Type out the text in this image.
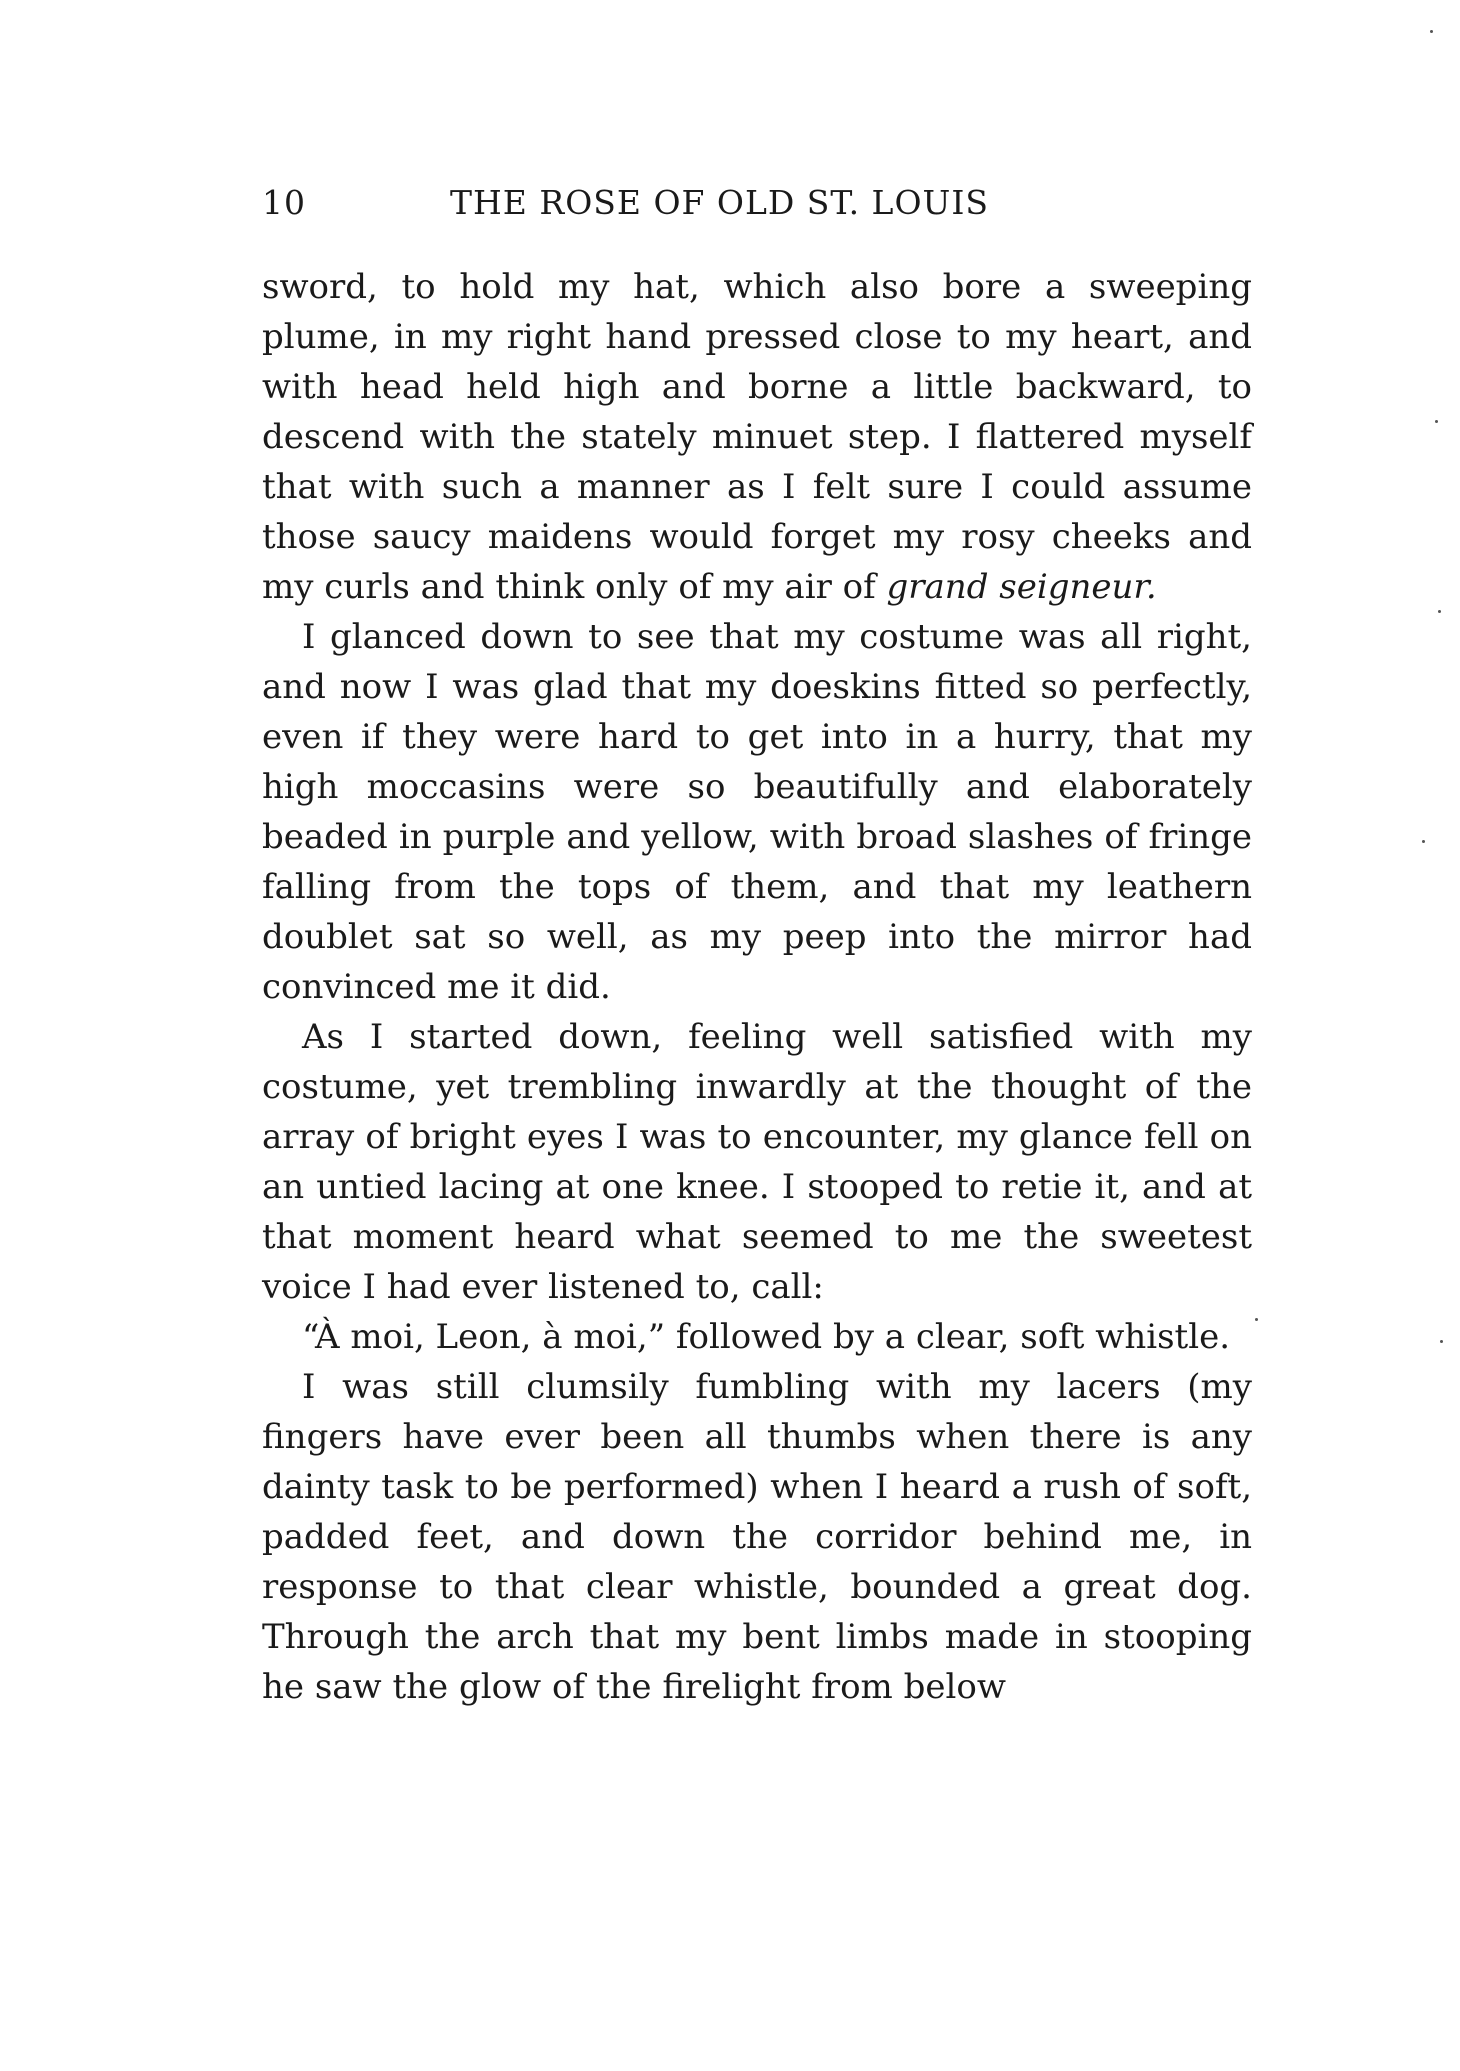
10	THE ROSE OF OLD ST. LOUIS

sword, to hold my hat, which also bore a sweeping plume, in my right hand pressed close to my heart, and with head held high and borne a little backward, to descend with the stately minuet step. I flattered myself that with such a manner as I felt sure I could assume those saucy maidens would forget my rosy cheeks and my curls and think only of my air of grand seigneur.

I glanced down to see that my costume was all right, and now I was glad that my doeskins fitted so perfectly, even if they were hard to get into in a hurry, that my high moccasins were so beautifully and elaborately beaded in purple and yellow, with broad slashes of fringe falling from the tops of them, and that my leathern doublet sat so well, as my peep into the mirror had convinced me it did.

As I started down, feeling well satisfied with my costume, yet trembling inwardly at the thought of the array of bright eyes I was to encounter, my glance fell on an untied lacing at one knee. I stooped to retie it, and at that moment heard what seemed to me the sweetest voice I had ever listened to, call:

“À moi, Leon, à moi,” followed by a clear, soft whistle.

I was still clumsily fumbling with my lacers (my fingers have ever been all thumbs when there is any dainty task to be performed) when I heard a rush of soft, padded feet, and down the corridor behind me, in response to that clear whistle, bounded a great dog. Through the arch that my bent limbs made in stooping he saw the glow of the firelight from below
